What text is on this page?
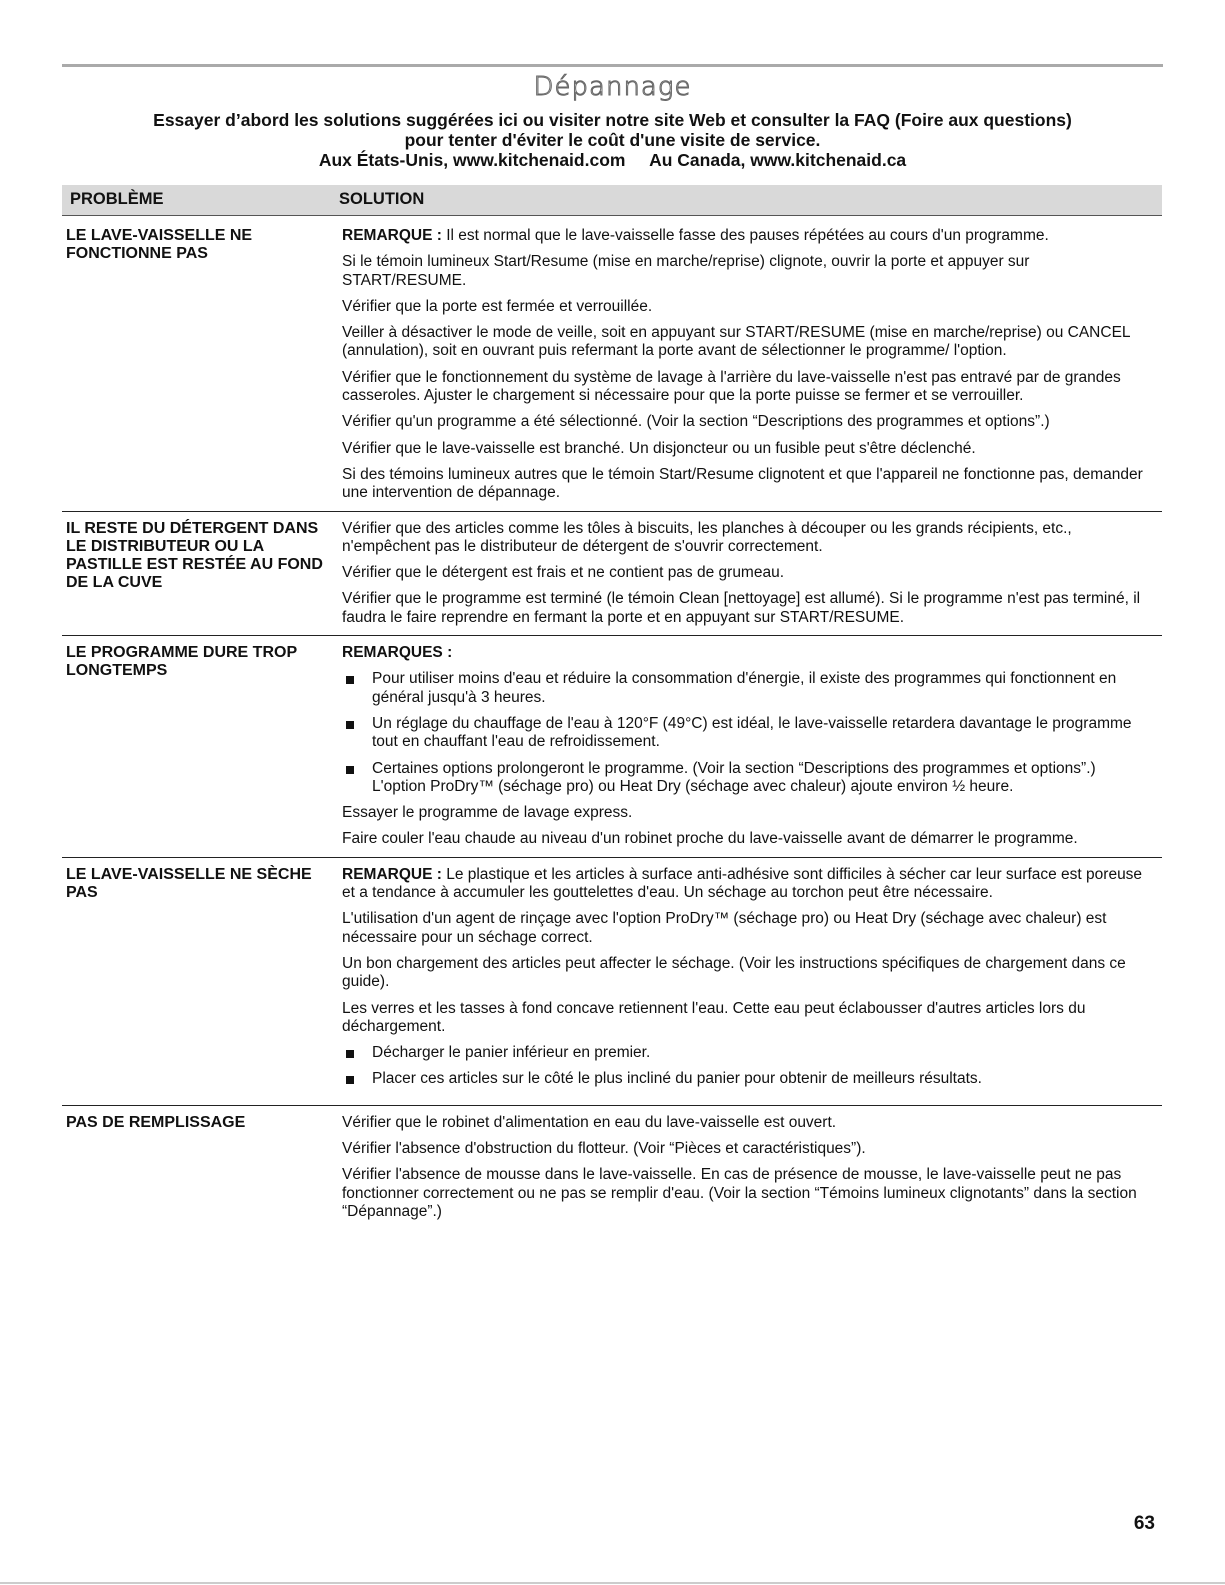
Dépannage
Essayer d’abord les solutions suggérées ici ou visiter notre site Web et consulter la FAQ (Foire aux questions)
pour tenter d'éviter le coût d'une visite de service.
Aux États-Unis, www.kitchenaid.com     Au Canada, www.kitchenaid.ca
PROBLÈME	SOLUTION
LE LAVE-VAISSELLE NE FONCTIONNE PAS

REMARQUE : Il est normal que le lave-vaisselle fasse des pauses répétées au cours d'un programme.

Si le témoin lumineux Start/Resume (mise en marche/reprise) clignote, ouvrir la porte et appuyer sur START/RESUME.

Vérifier que la porte est fermée et verrouillée.

Veiller à désactiver le mode de veille, soit en appuyant sur START/RESUME (mise en marche/reprise) ou CANCEL (annulation), soit en ouvrant puis refermant la porte avant de sélectionner le programme/ l'option.

Vérifier que le fonctionnement du système de lavage à l'arrière du lave-vaisselle n'est pas entravé par de grandes casseroles. Ajuster le chargement si nécessaire pour que la porte puisse se fermer et se verrouiller.

Vérifier qu'un programme a été sélectionné. (Voir la section “Descriptions des programmes et options”.)

Vérifier que le lave-vaisselle est branché. Un disjoncteur ou un fusible peut s'être déclenché.

Si des témoins lumineux autres que le témoin Start/Resume clignotent et que l'appareil ne fonctionne pas, demander une intervention de dépannage.

IL RESTE DU DÉTERGENT DANS LE DISTRIBUTEUR OU LA PASTILLE EST RESTÉE AU FOND DE LA CUVE

Vérifier que des articles comme les tôles à biscuits, les planches à découper ou les grands récipients, etc., n'empêchent pas le distributeur de détergent de s'ouvrir correctement.

Vérifier que le détergent est frais et ne contient pas de grumeau.

Vérifier que le programme est terminé (le témoin Clean [nettoyage] est allumé). Si le programme n'est pas terminé, il faudra le faire reprendre en fermant la porte et en appuyant sur START/RESUME.

LE PROGRAMME DURE TROP LONGTEMPS
REMARQUES :
Pour utiliser moins d'eau et réduire la consommation d'énergie, il existe des programmes qui fonctionnent en général jusqu'à 3 heures.
Un réglage du chauffage de l'eau à 120°F (49°C) est idéal, le lave-vaisselle retardera davantage le programme tout en chauffant l'eau de refroidissement.
Certaines options prolongeront le programme. (Voir la section “Descriptions des programmes et options”.) L'option ProDry™ (séchage pro) ou Heat Dry (séchage avec chaleur) ajoute environ ½ heure.

Essayer le programme de lavage express.

Faire couler l'eau chaude au niveau d'un robinet proche du lave-vaisselle avant de démarrer le programme.

LE LAVE-VAISSELLE NE SÈCHE PAS

REMARQUE : Le plastique et les articles à surface anti-adhésive sont difficiles à sécher car leur surface est poreuse et a tendance à accumuler les gouttelettes d'eau. Un séchage au torchon peut être nécessaire.

L'utilisation d'un agent de rinçage avec l'option ProDry™ (séchage pro) ou Heat Dry (séchage avec chaleur) est nécessaire pour un séchage correct.

Un bon chargement des articles peut affecter le séchage. (Voir les instructions spécifiques de chargement dans ce guide).

Les verres et les tasses à fond concave retiennent l'eau. Cette eau peut éclabousser d'autres articles lors du déchargement.

Décharger le panier inférieur en premier.
Placer ces articles sur le côté le plus incliné du panier pour obtenir de meilleurs résultats.
PAS DE REMPLISSAGE	Vérifier que le robinet d'alimentation en eau du lave-vaisselle est ouvert.

Vérifier l'absence d'obstruction du flotteur. (Voir “Pièces et caractéristiques”).

Vérifier l'absence de mousse dans le lave-vaisselle. En cas de présence de mousse, le lave-vaisselle peut ne pas fonctionner correctement ou ne pas se remplir d'eau. (Voir la section “Témoins lumineux clignotants” dans la section “Dépannage”.)

63
